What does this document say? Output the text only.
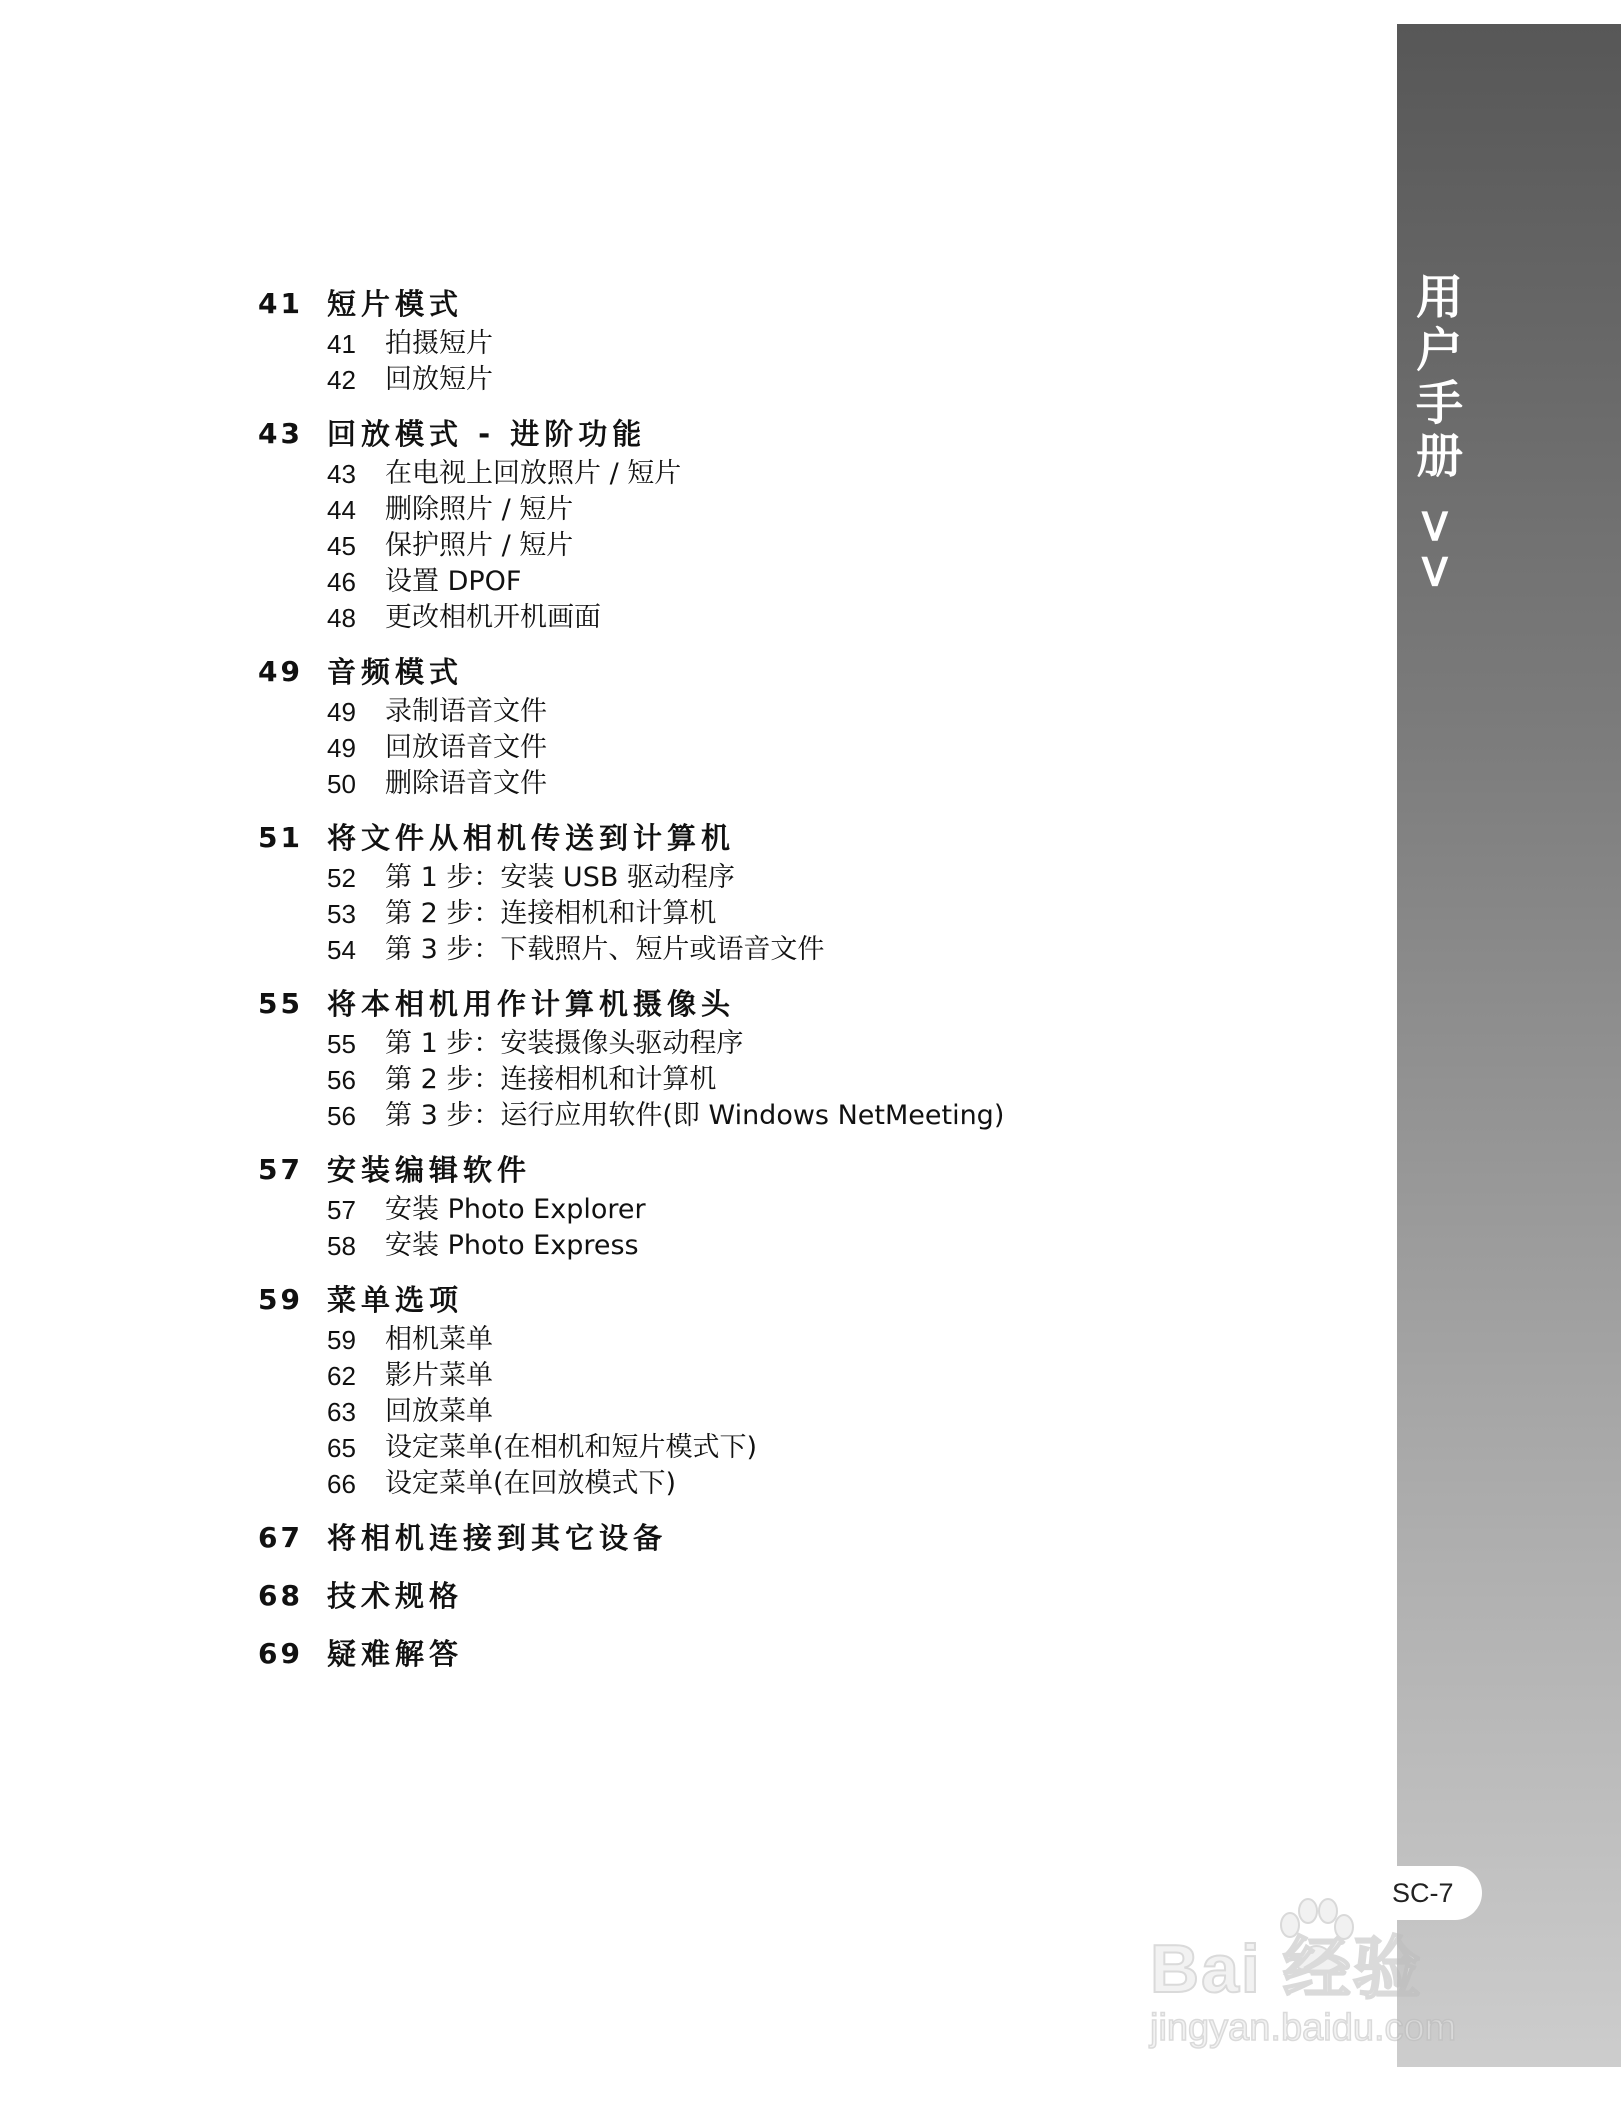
用户手册 >>
41 短片模式
41 拍摄短片
42 回放短片
43 回放模式 - 进阶功能
43 在电视上回放照片 / 短片
44 删除照片 / 短片
45 保护照片 / 短片
46 设置 DPOF
48 更改相机开机画面
49 音频模式
49 录制语音文件
49 回放语音文件
50 删除语音文件
51 将文件从相机传送到计算机
52 第 1 步：安装 USB 驱动程序
53 第 2 步：连接相机和计算机
54 第 3 步：下载照片、短片或语音文件
55 将本相机用作计算机摄像头
55 第 1 步：安装摄像头驱动程序
56 第 2 步：连接相机和计算机
56 第 3 步：运行应用软件(即 Windows NetMeeting)
57 安装编辑软件
57 安装 Photo Explorer
58 安装 Photo Express
59 菜单选项
59 相机菜单
62 影片菜单
63 回放菜单
65 设定菜单(在相机和短片模式下)
66 设定菜单(在回放模式下)
67 将相机连接到其它设备
68 技术规格
69 疑难解答
SC-7
Bai 经验
jingyan.baidu.com
